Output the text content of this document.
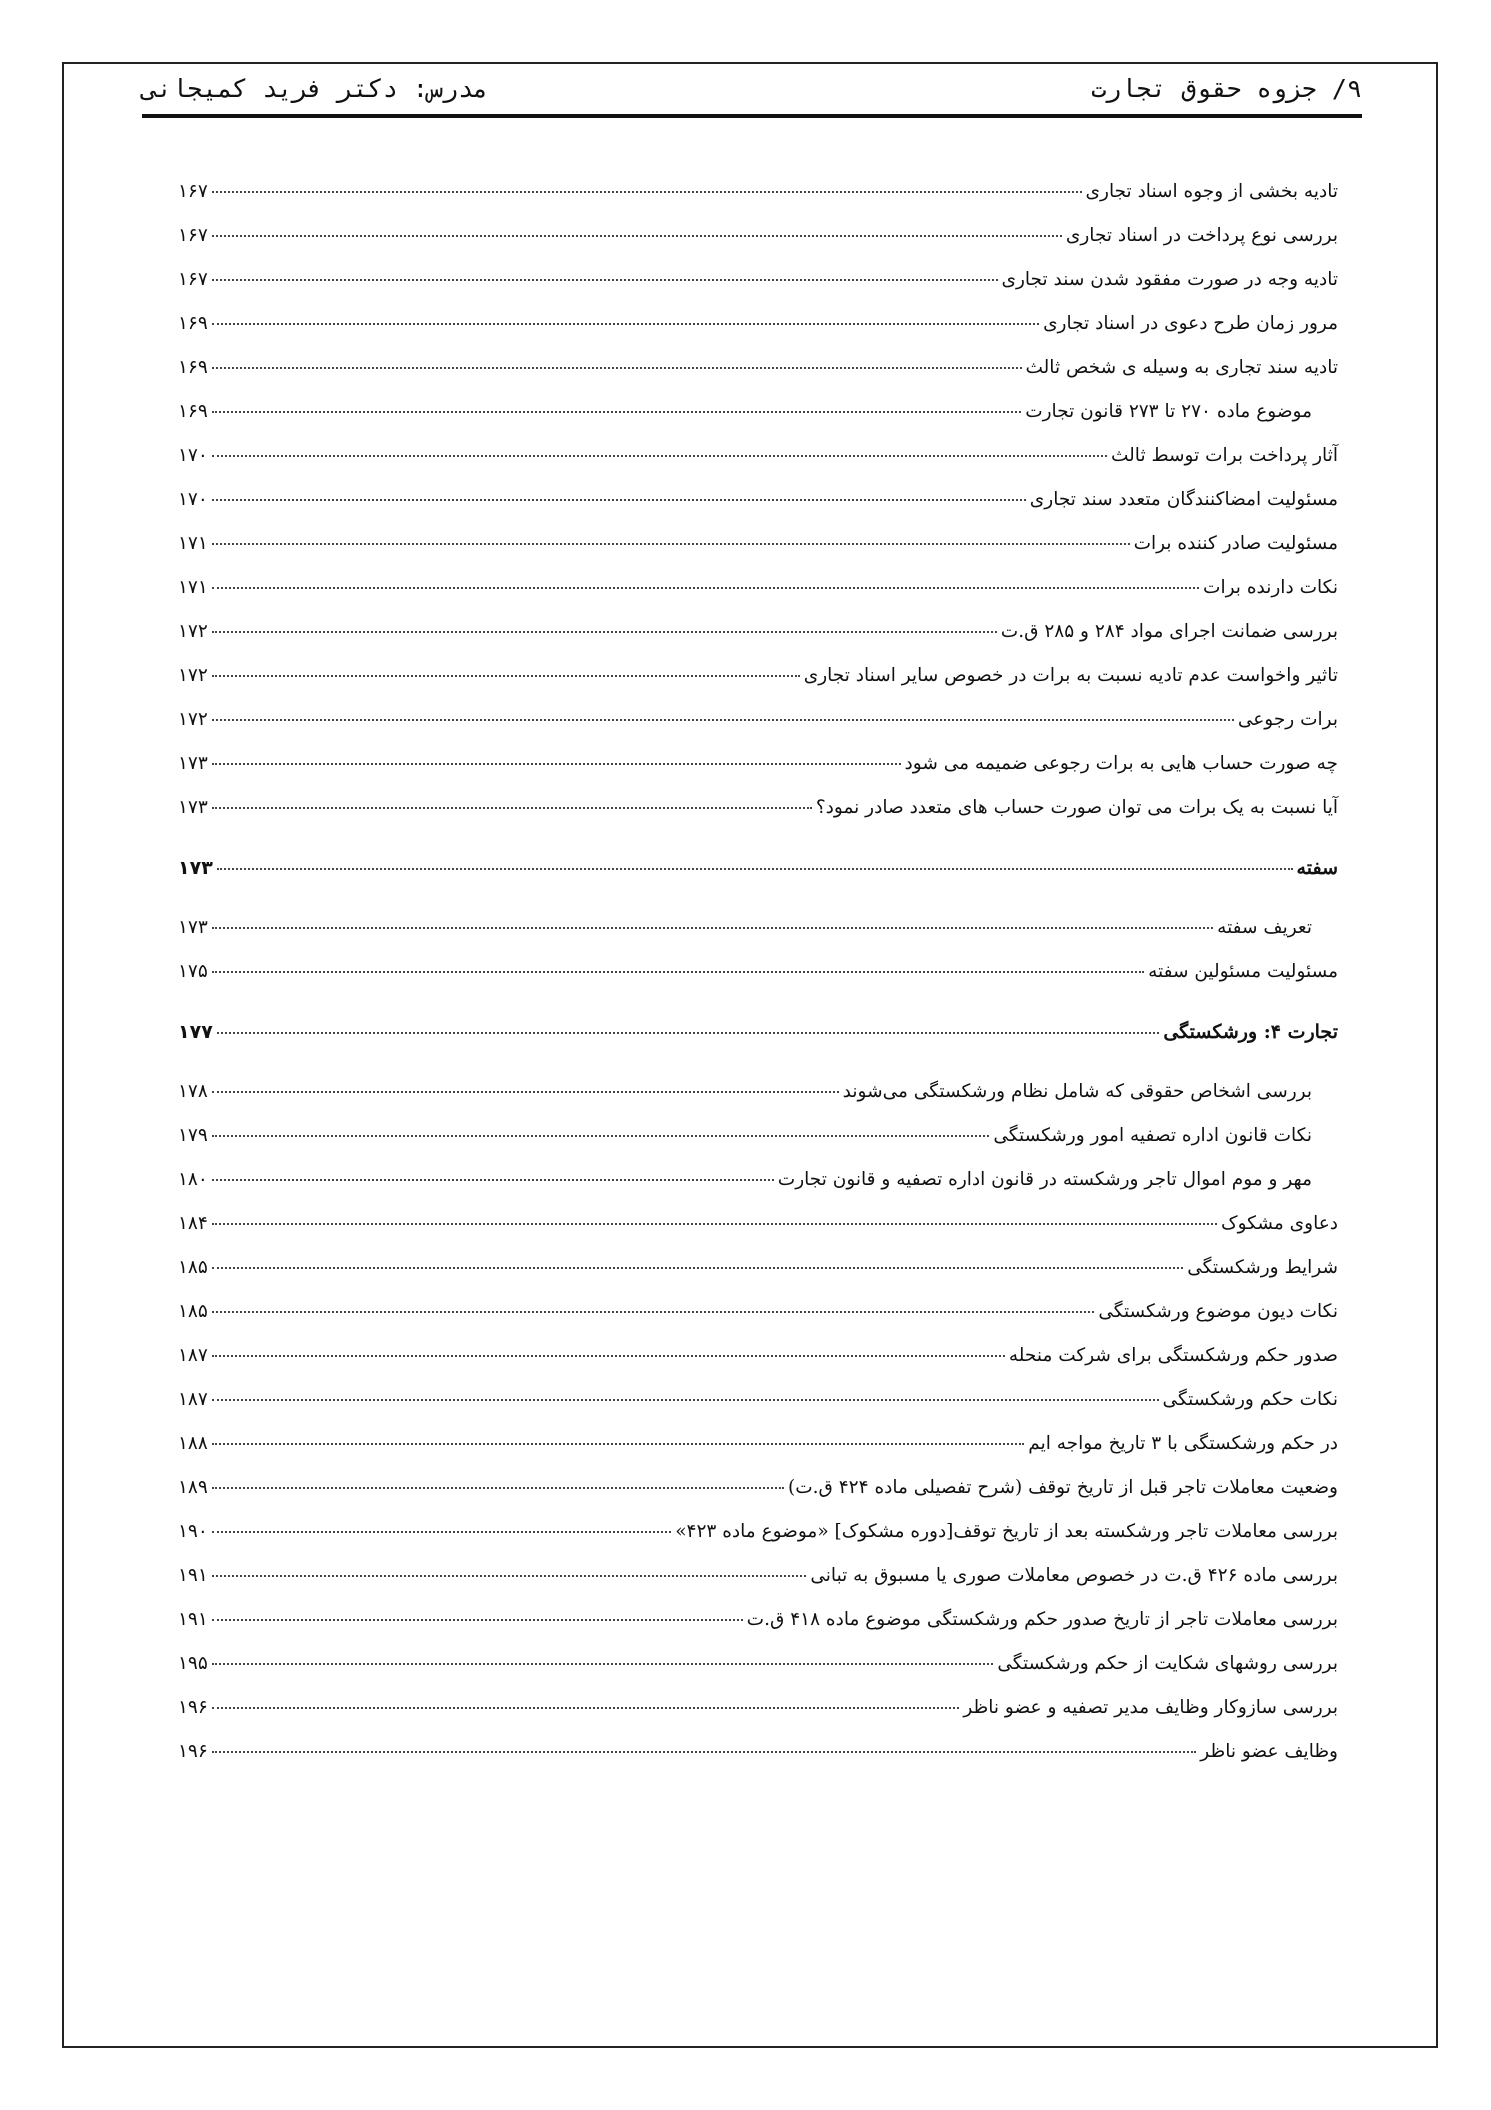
۹/ جزوه حقوق تجارت
مدرس: دکتر فرید کمیجانی
تادیه بخشی از وجوه اسناد تجاری
۱۶۷
بررسی نوع پرداخت در اسناد تجاری
۱۶۷
تادیه وجه در صورت مفقود شدن سند تجاری
۱۶۷
مرور زمان طرح دعوی در اسناد تجاری
۱۶۹
تادیه سند تجاری به وسیله ی شخص ثالث
۱۶۹
موضوع ماده ۲۷۰ تا ۲۷۳ قانون تجارت
۱۶۹
آثار پرداخت برات توسط ثالث
۱۷۰
مسئولیت امضاکنندگان متعدد سند تجاری
۱۷۰
مسئولیت صادر کننده برات
۱۷۱
نکات دارنده برات
۱۷۱
بررسی ضمانت اجرای مواد ۲۸۴ و ۲۸۵ ق.ت
۱۷۲
تاثیر واخواست عدم تادیه نسبت به برات در خصوص سایر اسناد تجاری
۱۷۲
برات رجوعی
۱۷۲
چه صورت حساب هایی به برات رجوعی ضمیمه می شود
۱۷۳
آیا نسبت به یک برات می توان صورت حساب های متعدد صادر نمود؟
۱۷۳
سفته
۱۷۳
تعریف سفته
۱۷۳
مسئولیت مسئولین سفته
۱۷۵
تجارت ۴: ورشکستگی
۱۷۷
بررسی اشخاص حقوقی که شامل نظام ورشکستگی می‌شوند
۱۷۸
نکات قانون اداره تصفیه امور ورشکستگی
۱۷۹
مهر و موم اموال تاجر ورشکسته در قانون اداره تصفیه و قانون تجارت
۱۸۰
دعاوی مشکوک
۱۸۴
شرایط ورشکستگی
۱۸۵
نکات دیون موضوع ورشکستگی
۱۸۵
صدور حکم ورشکستگی برای شرکت منحله
۱۸۷
نکات حکم ورشکستگی
۱۸۷
در حکم ورشکستگی با ۳ تاریخ مواجه ایم
۱۸۸
وضعیت معاملات تاجر قبل از تاریخ توقف (شرح تفصیلی ماده ۴۲۴ ق.ت)
۱۸۹
بررسی معاملات تاجر ورشکسته بعد از تاریخ توقف[دوره مشکوک] «موضوع ماده ۴۲۳»
۱۹۰
بررسی ماده ۴۲۶ ق.ت در خصوص معاملات صوری یا مسبوق به تبانی
۱۹۱
بررسی معاملات تاجر از تاریخ صدور حکم ورشکستگی موضوع ماده ۴۱۸ ق.ت
۱۹۱
بررسی روشهای شکایت از حکم ورشکستگی
۱۹۵
بررسی سازوکار وظایف مدیر تصفیه و عضو ناظر
۱۹۶
وظایف عضو ناظر
۱۹۶
